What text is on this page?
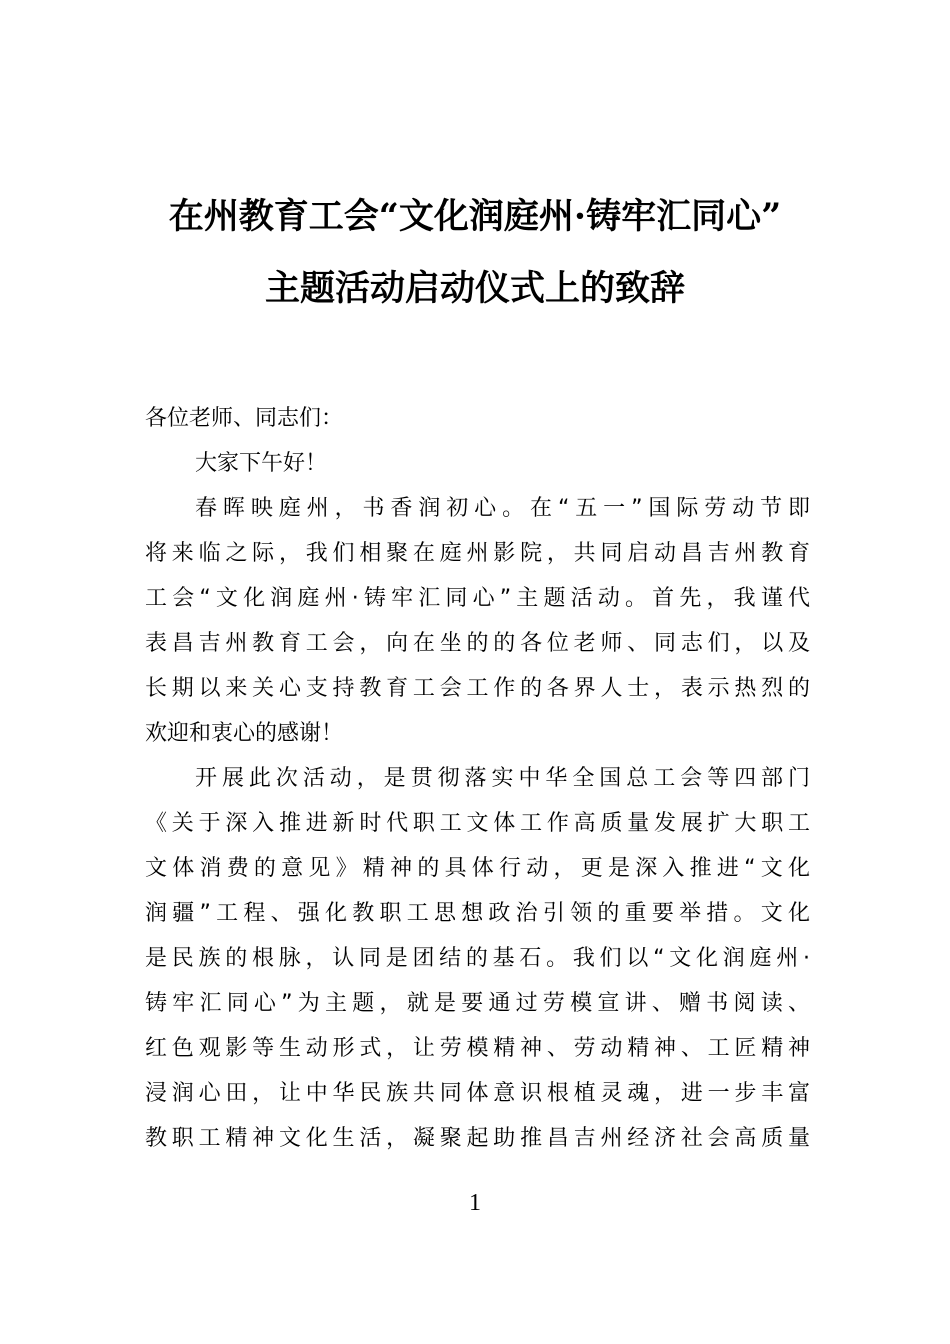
在州教育工会“文化润庭州·铸牢汇同心”
主题活动启动仪式上的致辞
各位老师、同志们：
大家下午好！
春晖映庭州，书香润初心。在“五一”国际劳动节即
将来临之际，我们相聚在庭州影院，共同启动昌吉州教育
工会“文化润庭州·铸牢汇同心”主题活动。首先，我谨代
表昌吉州教育工会，向在坐的的各位老师、同志们，以及
长期以来关心支持教育工会工作的各界人士，表示热烈的
欢迎和衷心的感谢！
开展此次活动，是贯彻落实中华全国总工会等四部门
《关于深入推进新时代职工文体工作高质量发展扩大职工
文体消费的意见》精神的具体行动，更是深入推进“文化
润疆”工程、强化教职工思想政治引领的重要举措。文化
是民族的根脉，认同是团结的基石。我们以“文化润庭州·
铸牢汇同心”为主题，就是要通过劳模宣讲、赠书阅读、
红色观影等生动形式，让劳模精神、劳动精神、工匠精神
浸润心田，让中华民族共同体意识根植灵魂，进一步丰富
教职工精神文化生活，凝聚起助推昌吉州经济社会高质量
1
